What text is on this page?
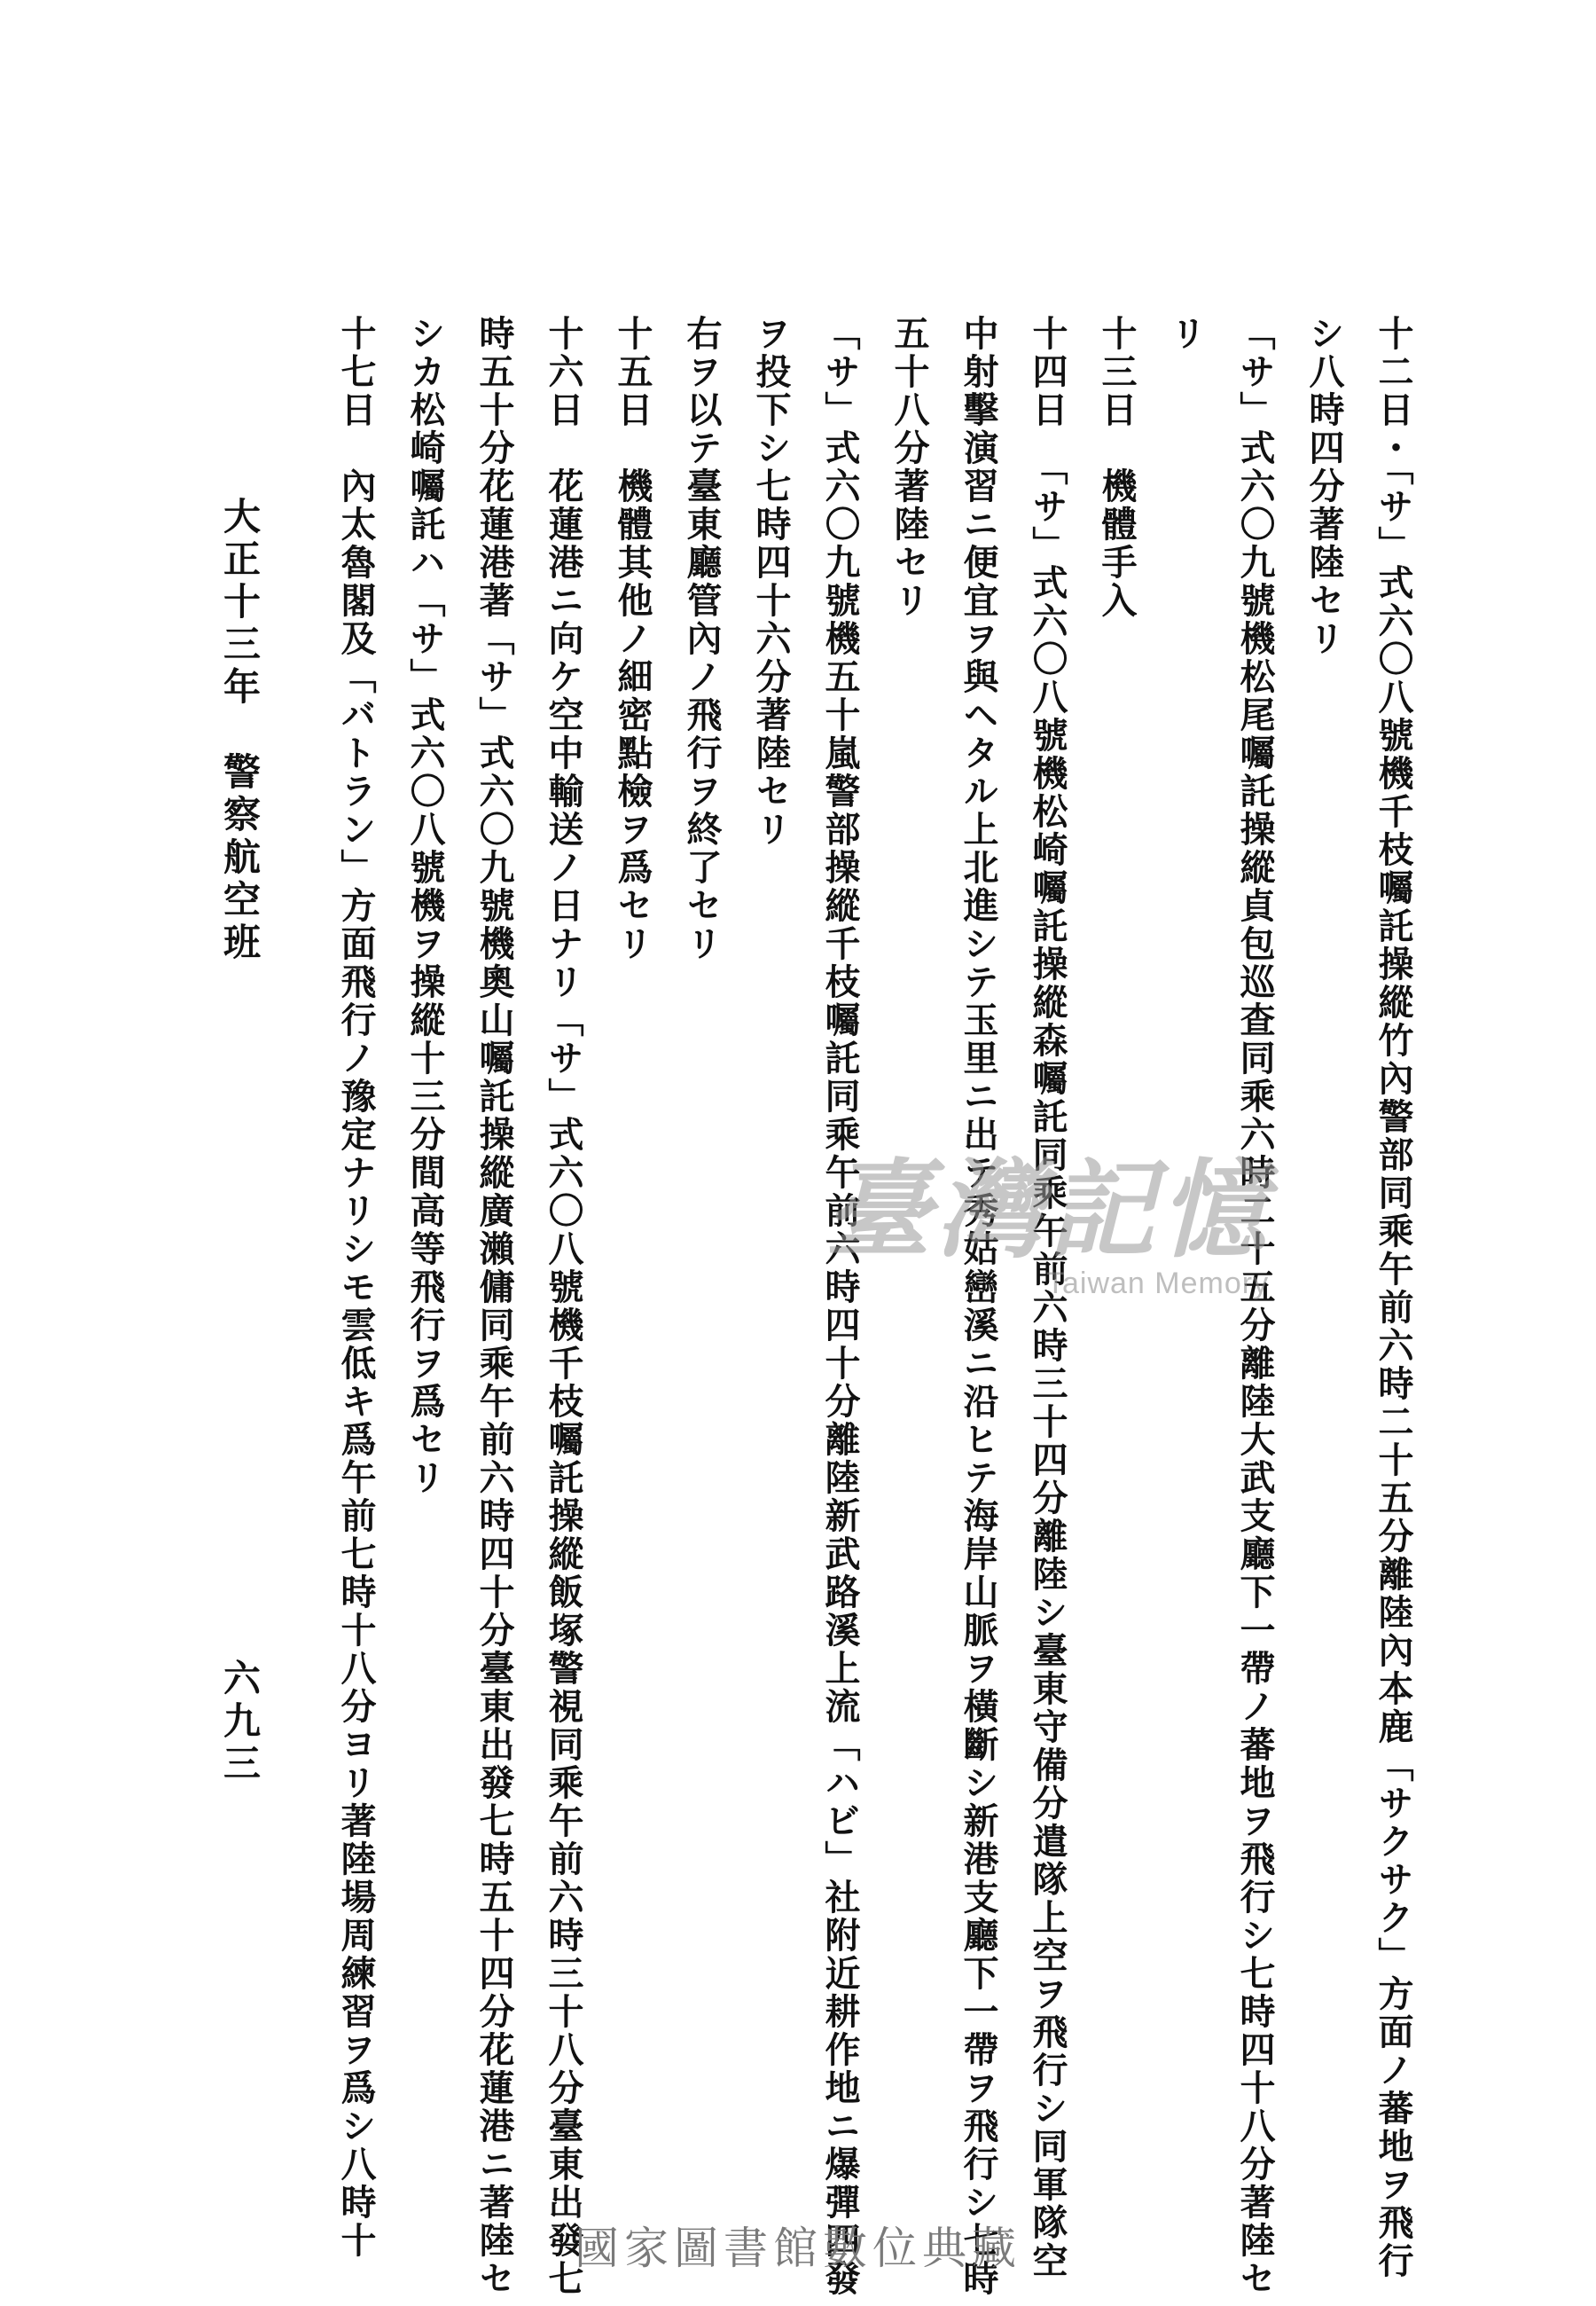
十二日・「サ」式六〇八號機千枝囑託操縱竹內警部同乘午前六時二十五分離陸內本鹿「サクサク」方面ノ蕃地ヲ飛行

シ八時四分著陸セリ

「サ」式六〇九號機松尾囑託操縱貞包巡查同乘六時二十五分離陸大武支廳下一帶ノ蕃地ヲ飛行シ七時四十八分著陸セ

リ

十三日　機體手入

十四日　「サ」式六〇八號機松崎囑託操縱森囑託同乘午前六時三十四分離陸シ臺東守備分遣隊上空ヲ飛行シ同軍隊空

中射擊演習ニ便宜ヲ與ヘタル上北進シテ玉里ニ出テ秀姑巒溪ニ沿ヒテ海岸山脈ヲ橫斷シ新港支廳下一帶ヲ飛行シ七時

五十八分著陸セリ

「サ」式六〇九號機五十嵐警部操縱千枝囑託同乘午前六時四十分離陸新武路溪上流「ハビ」社附近耕作地ニ爆彈四發

ヲ投下シ七時四十六分著陸セリ

右ヲ以テ臺東廳管內ノ飛行ヲ終了セリ

十五日　機體其他ノ細密點檢ヲ爲セリ

十六日　花蓮港ニ向ケ空中輸送ノ日ナリ「サ」式六〇八號機千枝囑託操縱飯塚警視同乘午前六時三十八分臺東出發七

時五十分花蓮港著「サ」式六〇九號機奧山囑託操縱廣瀨傭同乘午前六時四十分臺東出發七時五十四分花蓮港ニ著陸セ

シカ松崎囑託ハ「サ」式六〇八號機ヲ操縱十三分間高等飛行ヲ爲セリ

十七日　內太魯閣及「バトラン」方面飛行ノ豫定ナリシモ雲低キ爲午前七時十八分ヨリ著陸場周練習ヲ爲シ八時十

大正十三年　警察航空班
六九三
臺灣記憶
Taiwan Memory
國家圖書館數位典藏
